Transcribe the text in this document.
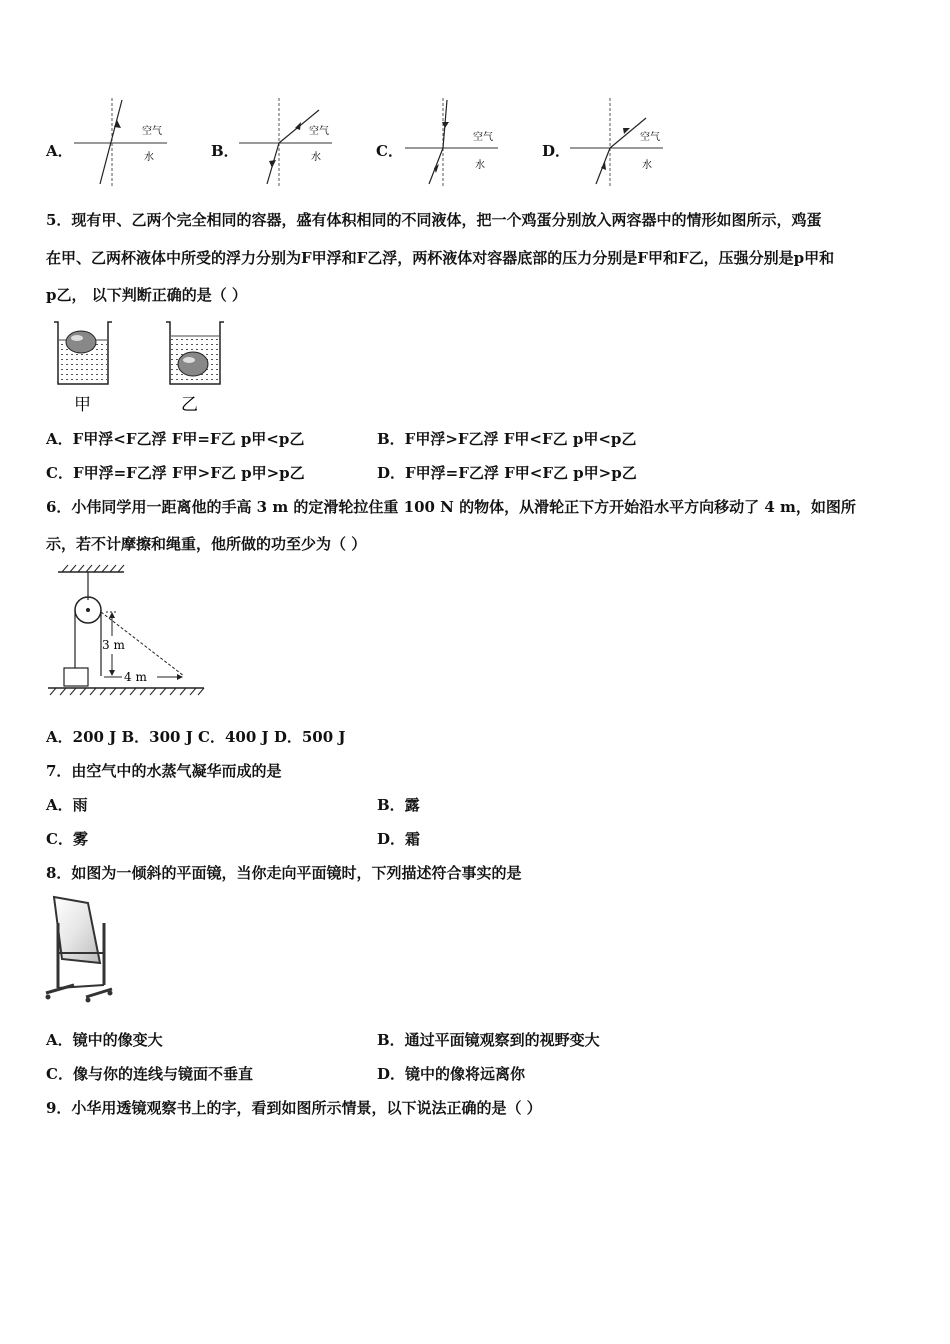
A．
空气
水	B．
空气
水	C．
空气
水
D．
空气
水
5．现有甲、乙两个完全相同的容器，盛有体积相同的不同液体，把一个鸡蛋分别放入两容器中的情形如图所示，鸡蛋
在甲、乙两杯液体中所受的浮力分别为F甲浮和F乙浮，两杯液体对容器底部的压力分别是F甲和F乙，压强分别是p甲和
p乙， 以下判断正确的是（ ）
甲	乙
A．F甲浮<F乙浮 F甲=F乙 p甲<p乙	B．F甲浮>F乙浮 F甲<F乙 p甲<p乙
C．F甲浮=F乙浮 F甲>F乙 p甲>p乙	D．F甲浮=F乙浮 F甲<F乙 p甲>p乙
6．小伟同学用一距离他的手高 3 m 的定滑轮拉住重 100 N 的物体，从滑轮正下方开始沿水平方向移动了 4 m，如图所
示，若不计摩擦和绳重，他所做的功至少为（ ）
3 m
4 m
A．200 J B．300 J C．400 J D．500 J
7．由空气中的水蒸气凝华而成的是
A．雨	B．露
C．雾	D．霜
8．如图为一倾斜的平面镜，当你走向平面镜时，下列描述符合事实的是
A．镜中的像变大	B．通过平面镜观察到的视野变大
C．像与你的连线与镜面不垂直	D．镜中的像将远离你
9．小华用透镜观察书上的字，看到如图所示情景，以下说法正确的是（ ）
